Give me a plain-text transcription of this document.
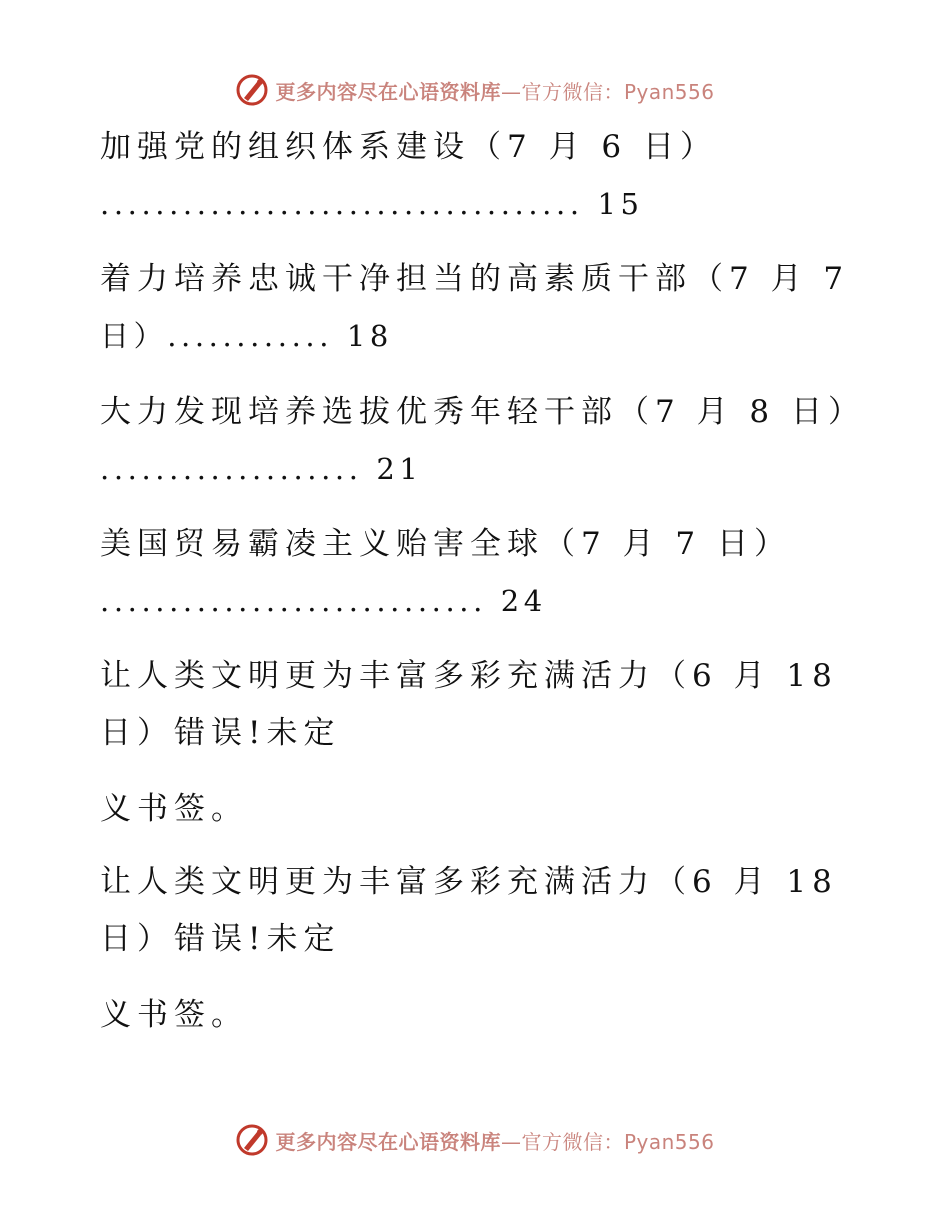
更多内容尽在心语资料库—官方微信：Pyan556
加强党的组织体系建设（7 月 6 日）
................................... 15
着力培养忠诚干净担当的高素质干部（7 月 7
日）............ 18
大力发现培养选拔优秀年轻干部（7 月 8 日）
................... 21
美国贸易霸凌主义贻害全球（7 月 7 日）
............................ 24
让人类文明更为丰富多彩充满活力（6 月 18
日）错误!未定
义书签。
让人类文明更为丰富多彩充满活力（6 月 18
日）错误!未定
义书签。
更多内容尽在心语资料库—官方微信：Pyan556
